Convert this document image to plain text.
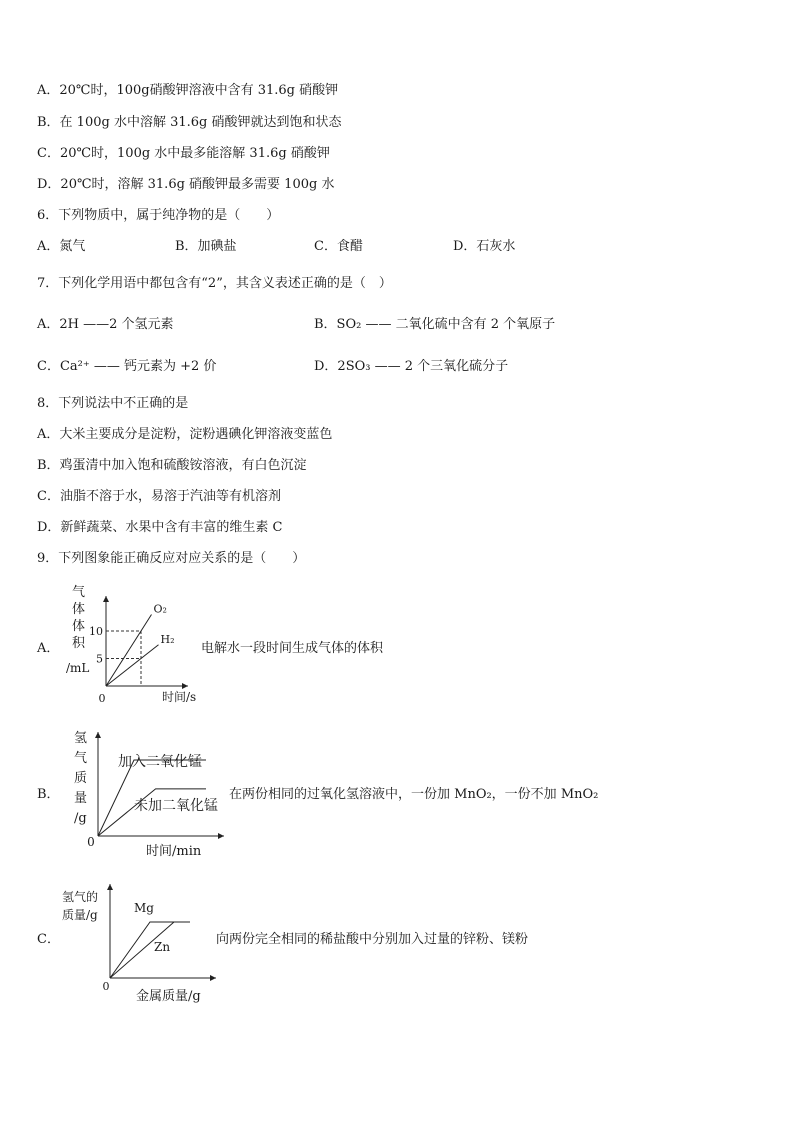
A．20℃时，100g硝酸钾溶液中含有 31.6g 硝酸钾
B．在 100g 水中溶解 31.6g 硝酸钾就达到饱和状态
C．20℃时，100g 水中最多能溶解 31.6g 硝酸钾
D．20℃时，溶解 31.6g 硝酸钾最多需要 100g 水
6．下列物质中，属于纯净物的是（　　）
A．氮气	B．加碘盐	C．食醋	D．石灰水
7．下列化学用语中都包含有“2”，其含义表述正确的是（　）
A．2H ——2 个氢元素	B．SO₂ —— 二氧化硫中含有 2 个氧原子
C．Ca²⁺ —— 钙元素为 +2 价	D．2SO₃ —— 2 个三氧化硫分子
8．下列说法中不正确的是
A．大米主要成分是淀粉，淀粉遇碘化钾溶液变蓝色
B．鸡蛋清中加入饱和硫酸铵溶液，有白色沉淀
C．油脂不溶于水，易溶于汽油等有机溶剂
D．新鲜蔬菜、水果中含有丰富的维生素 C
9．下列图象能正确反应对应关系的是（　　）
A．
气
体
体
积
/mL
10
5
O₂
H₂
0	时间/s
电解水一段时间生成气体的体积
B．
氢
气
质
量
/g
加入二氧化锰
未加二氧化锰
0
时间/min
在两份相同的过氧化氢溶液中，一份加 MnO₂，一份不加 MnO₂
C．
氢气的
质量/g	Mg
Zn
0
金属质量/g
向两份完全相同的稀盐酸中分别加入过量的锌粉、镁粉
